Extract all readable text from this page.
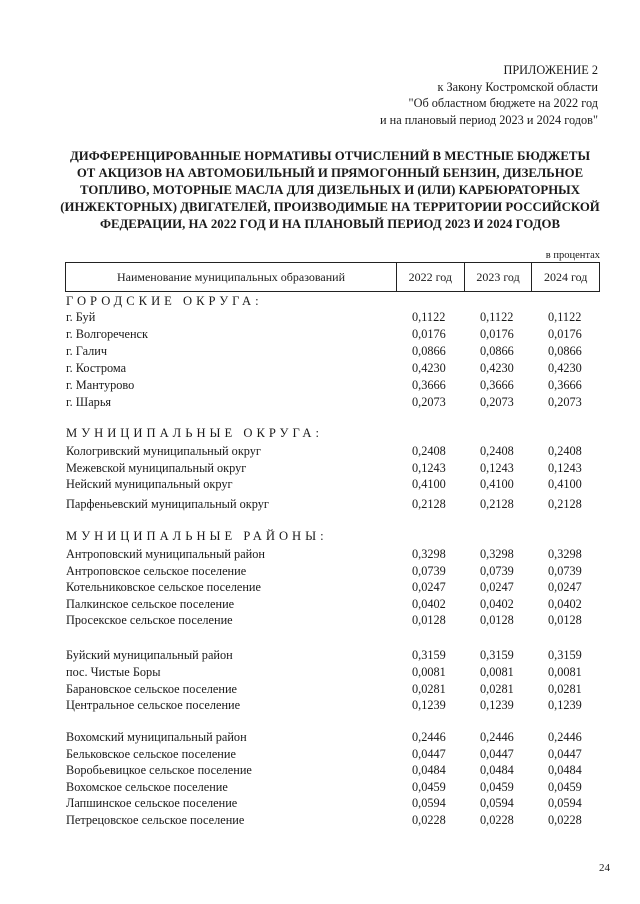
ПРИЛОЖЕНИЕ 2
к Закону Костромской области
"Об областном бюджете на 2022 год
и на плановый период 2023 и 2024 годов"
ДИФФЕРЕНЦИРОВАННЫЕ НОРМАТИВЫ ОТЧИСЛЕНИЙ В МЕСТНЫЕ БЮДЖЕТЫ ОТ АКЦИЗОВ НА АВТОМОБИЛЬНЫЙ И ПРЯМОГОННЫЙ БЕНЗИН, ДИЗЕЛЬНОЕ ТОПЛИВО, МОТОРНЫЕ МАСЛА ДЛЯ ДИЗЕЛЬНЫХ И (ИЛИ) КАРБЮРАТОРНЫХ (ИНЖЕКТОРНЫХ) ДВИГАТЕЛЕЙ, ПРОИЗВОДИМЫЕ НА ТЕРРИТОРИИ РОССИЙСКОЙ ФЕДЕРАЦИИ, НА 2022 ГОД И НА ПЛАНОВЫЙ ПЕРИОД 2023 И 2024 ГОДОВ
в процентах
Наименование муниципальных образований	2022 год	2023 год	2024 год
ГОРОДСКИЕ ОКРУГА:
г. Буй	0,1122	0,1122	0,1122
г. Волгореченск	0,0176	0,0176	0,0176
г. Галич	0,0866	0,0866	0,0866
г. Кострома	0,4230	0,4230	0,4230
г. Мантурово	0,3666	0,3666	0,3666
г. Шарья	0,2073	0,2073	0,2073
МУНИЦИПАЛЬНЫЕ ОКРУГА:
Кологривский муниципальный округ	0,2408	0,2408	0,2408
Межевской муниципальный округ	0,1243	0,1243	0,1243
Нейский муниципальный округ	0,4100	0,4100	0,4100
Парфеньевский муниципальный округ	0,2128	0,2128	0,2128
МУНИЦИПАЛЬНЫЕ РАЙОНЫ:
Антроповский муниципальный район	0,3298	0,3298	0,3298
Антроповское сельское поселение	0,0739	0,0739	0,0739
Котельниковское сельское поселение	0,0247	0,0247	0,0247
Палкинское сельское поселение	0,0402	0,0402	0,0402
Просекское сельское поселение	0,0128	0,0128	0,0128
Буйский муниципальный район	0,3159	0,3159	0,3159
пос. Чистые Боры	0,0081	0,0081	0,0081
Барановское сельское поселение	0,0281	0,0281	0,0281
Центральное сельское поселение	0,1239	0,1239	0,1239
Вохомский муниципальный район	0,2446	0,2446	0,2446
Бельковское сельское поселение	0,0447	0,0447	0,0447
Воробьевицкое сельское поселение	0,0484	0,0484	0,0484
Вохомское сельское поселение	0,0459	0,0459	0,0459
Лапшинское сельское поселение	0,0594	0,0594	0,0594
Петрецовское сельское поселение	0,0228	0,0228	0,0228
24
